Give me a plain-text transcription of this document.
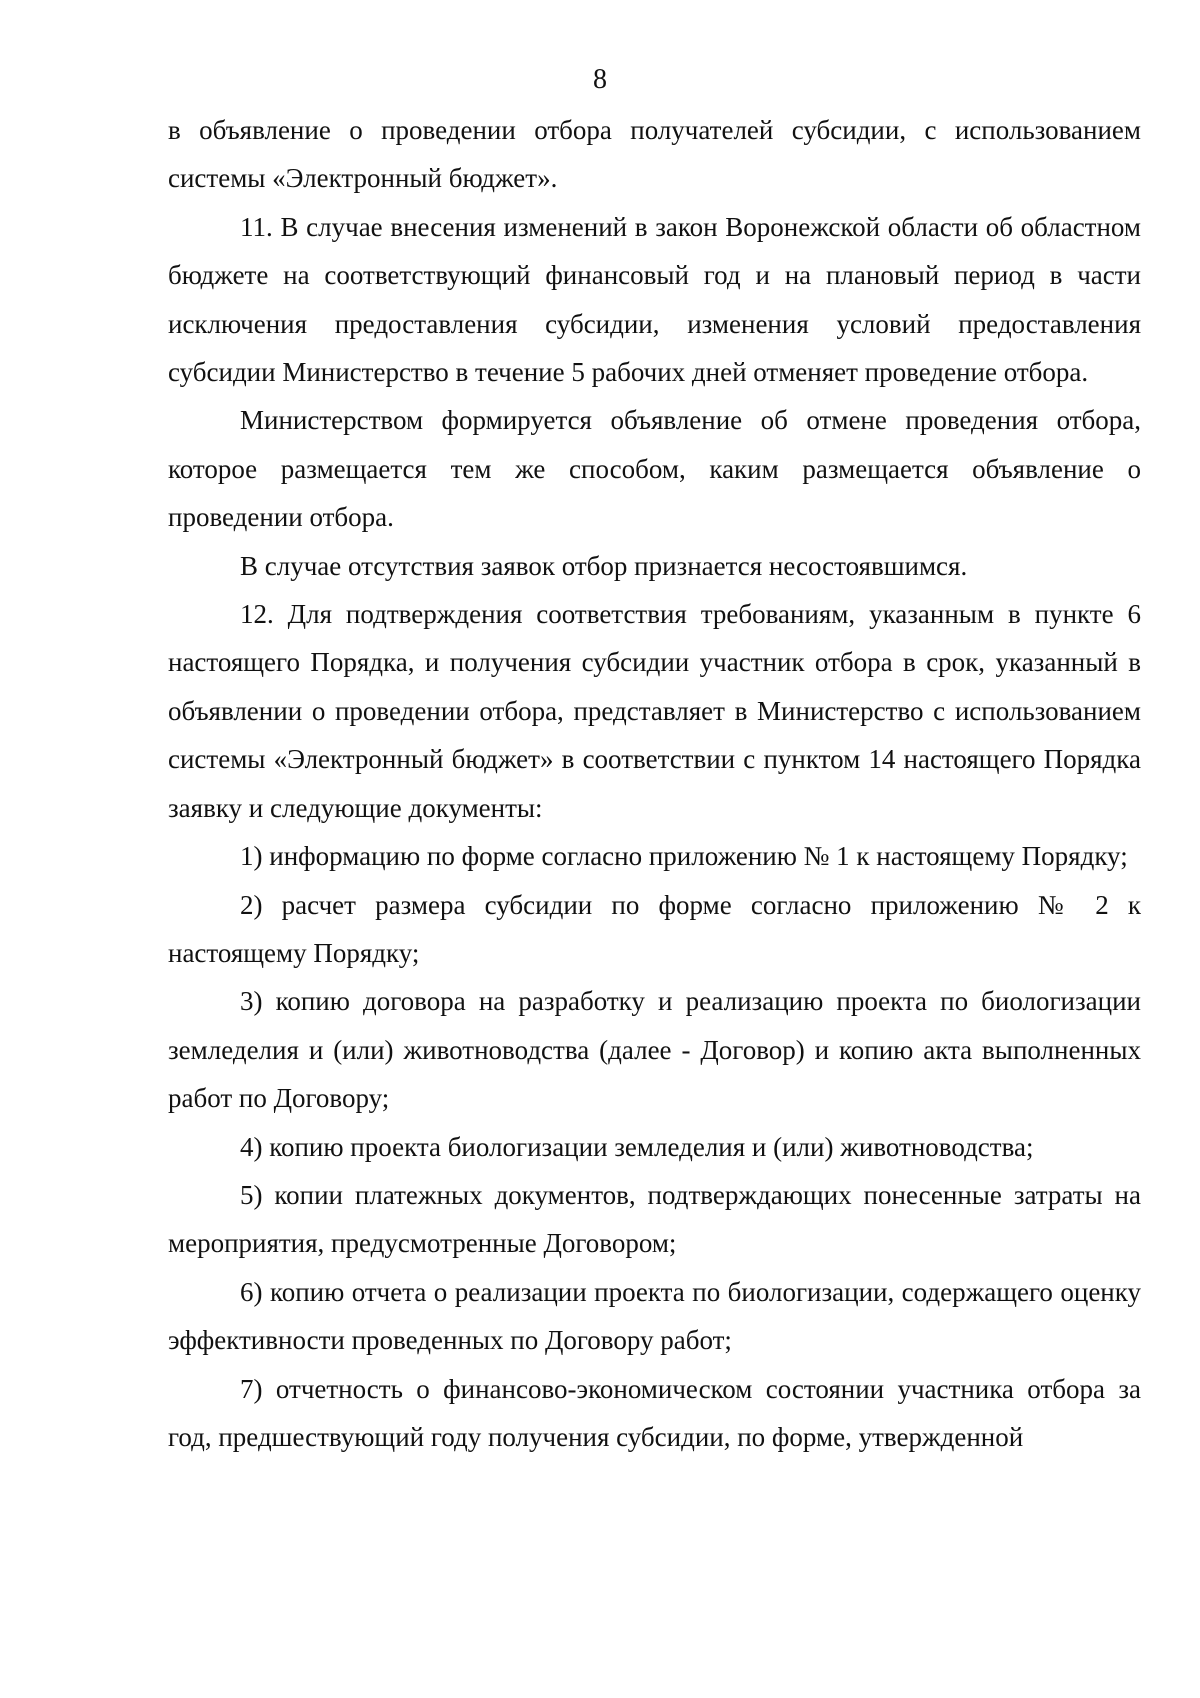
8

в объявление о проведении отбора получателей субсидии, с использованием системы «Электронный бюджет».

11. В случае внесения изменений в закон Воронежской области об областном бюджете на соответствующий финансовый год и на плановый период в части исключения предоставления субсидии, изменения условий предоставления субсидии Министерство в течение 5 рабочих дней отменяет проведение отбора.

Министерством формируется объявление об отмене проведения отбора, которое размещается тем же способом, каким размещается объявление о проведении отбора.

В случае отсутствия заявок отбор признается несостоявшимся.

12. Для подтверждения соответствия требованиям, указанным в пункте 6 настоящего Порядка, и получения субсидии участник отбора в срок, указанный в объявлении о проведении отбора, представляет в Министерство с использованием системы «Электронный бюджет» в соответствии с пунктом 14 настоящего Порядка заявку и следующие документы:

1) информацию по форме согласно приложению № 1 к настоящему Порядку;

2) расчет размера субсидии по форме согласно приложению № 2 к настоящему Порядку;

3) копию договора на разработку и реализацию проекта по биологизации земледелия и (или) животноводства (далее - Договор) и копию акта выполненных работ по Договору;

4) копию проекта биологизации земледелия и (или) животноводства;

5) копии платежных документов, подтверждающих понесенные затраты на мероприятия, предусмотренные Договором;

6) копию отчета о реализации проекта по биологизации, содержащего оценку эффективности проведенных по Договору работ;

7) отчетность о финансово-экономическом состоянии участника отбора за год, предшествующий году получения субсидии, по форме, утвержденной
